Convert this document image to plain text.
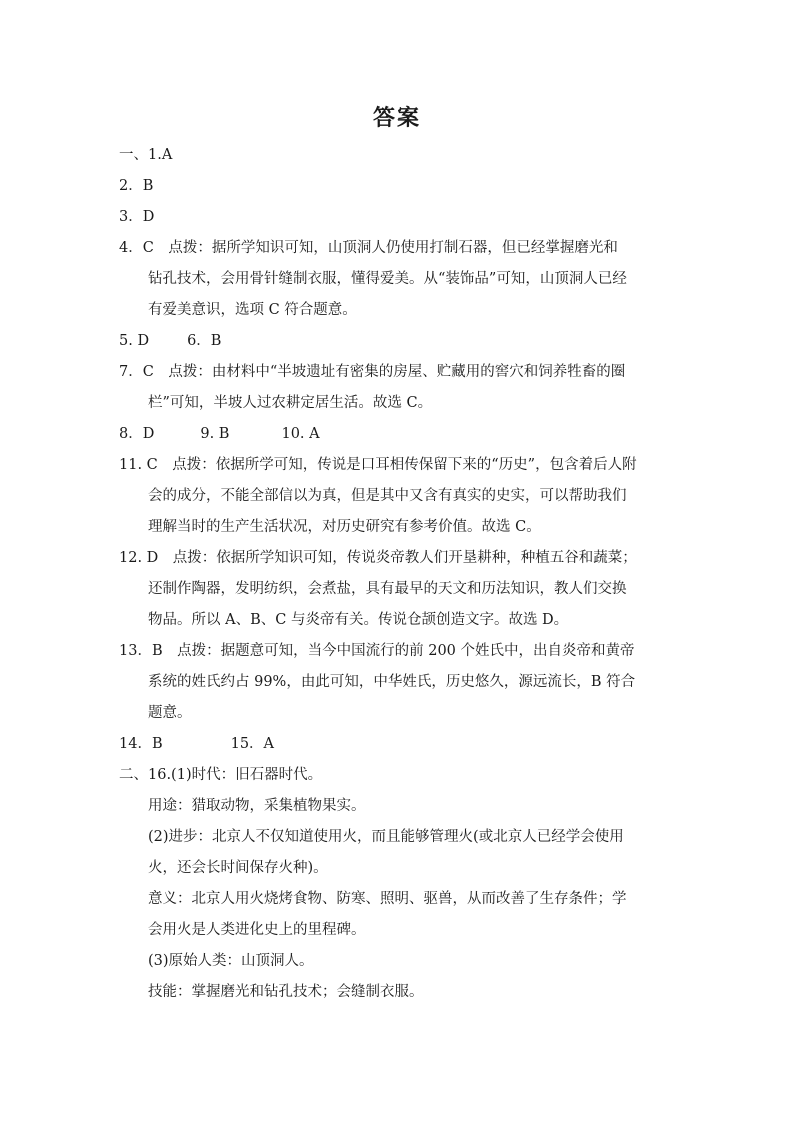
答案
一、1.A
2．B
3．D
4．C　点拨：据所学知识可知，山顶洞人仍使用打制石器，但已经掌握磨光和
钻孔技术，会用骨针缝制衣服，懂得爱美。从“装饰品”可知，山顶洞人已经
有爱美意识，选项 C 符合题意。
5. D	6．B
7．C　点拨：由材料中“半坡遗址有密集的房屋、贮藏用的窖穴和饲养牲畜的圈
栏”可知，半坡人过农耕定居生活。故选 C。
8．D	9. B	10. A
11. C　点拨：依据所学可知，传说是口耳相传保留下来的“历史”，包含着后人附
会的成分，不能全部信以为真，但是其中又含有真实的史实，可以帮助我们
理解当时的生产生活状况，对历史研究有参考价值。故选 C。
12. D　点拨：依据所学知识可知，传说炎帝教人们开垦耕种，种植五谷和蔬菜；
还制作陶器，发明纺织，会煮盐，具有最早的天文和历法知识，教人们交换
物品。所以 A、B、C 与炎帝有关。传说仓颉创造文字。故选 D。
13．B　点拨：据题意可知，当今中国流行的前 200 个姓氏中，出自炎帝和黄帝
系统的姓氏约占 99%，由此可知，中华姓氏，历史悠久，源远流长，B 符合
题意。
14．B	15．A
二、16.(1)时代：旧石器时代。
用途：猎取动物，采集植物果实。
(2)进步：北京人不仅知道使用火，而且能够管理火(或北京人已经学会使用
火，还会长时间保存火种)。
意义：北京人用火烧烤食物、防寒、照明、驱兽，从而改善了生存条件；学
会用火是人类进化史上的里程碑。
(3)原始人类：山顶洞人。
技能：掌握磨光和钻孔技术；会缝制衣服。
